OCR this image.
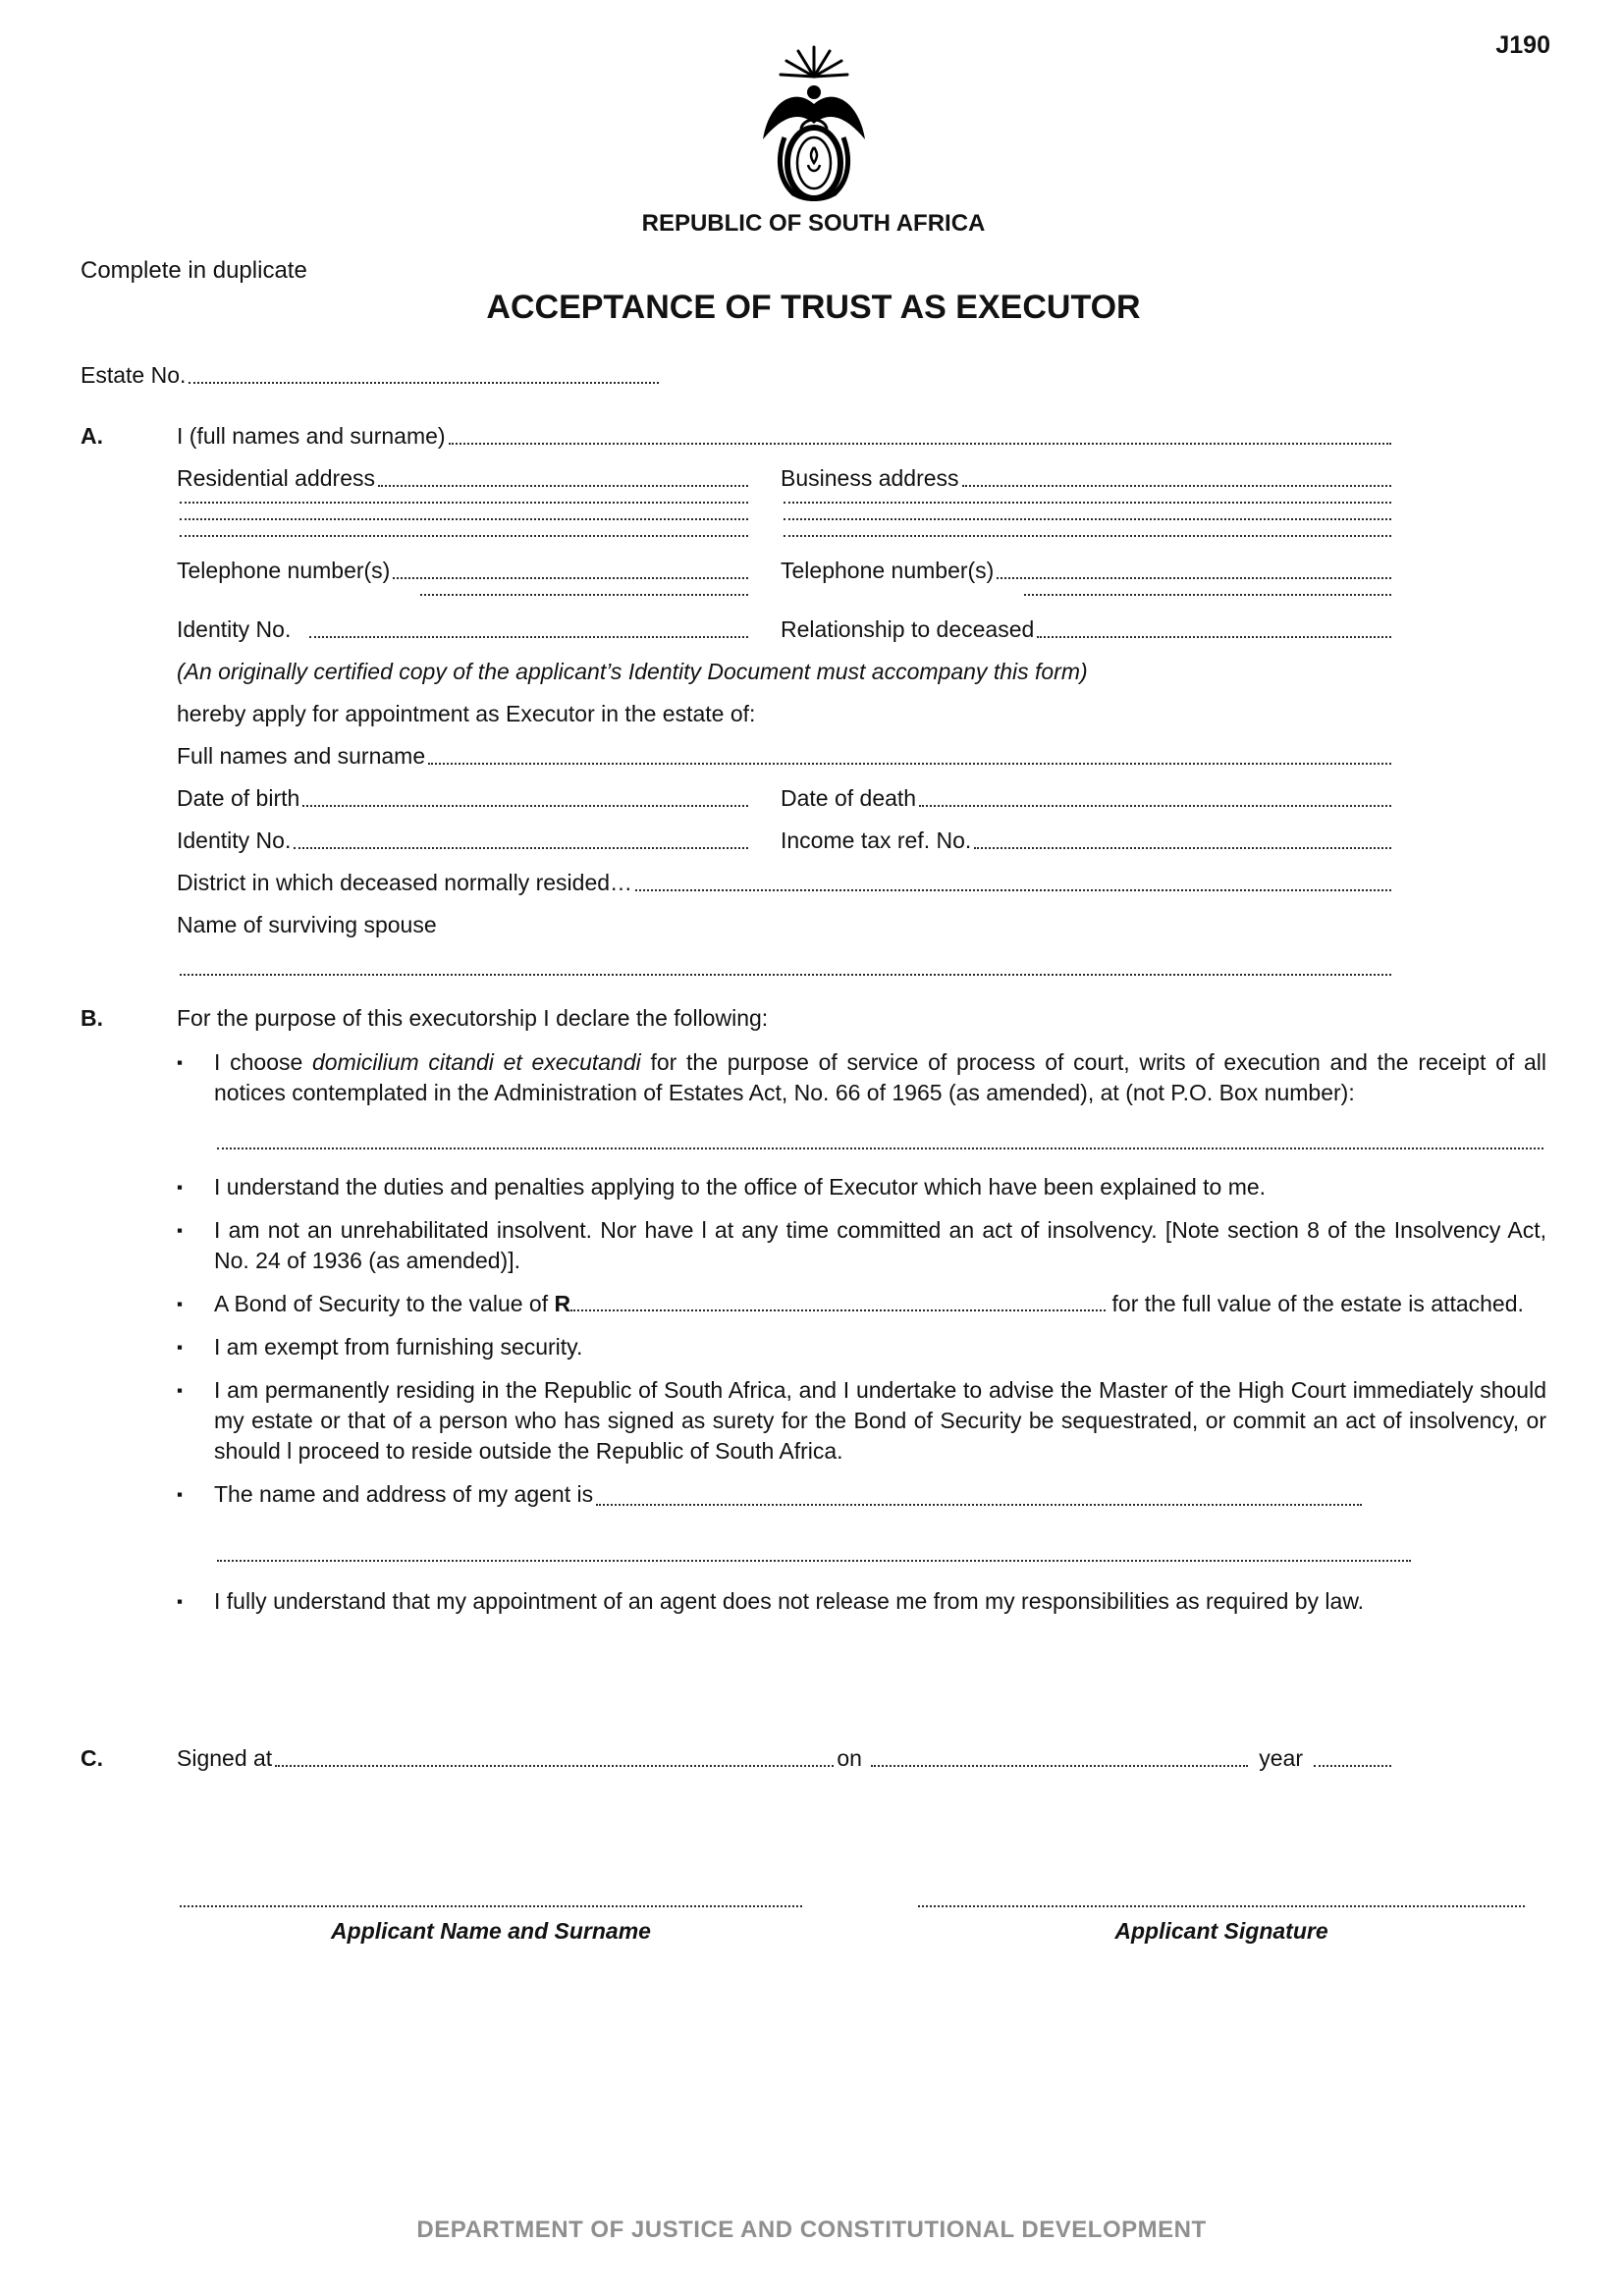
J190
REPUBLIC OF SOUTH AFRICA
Complete in duplicate
ACCEPTANCE OF TRUST AS EXECUTOR
Estate No.
A.	I (full names and surname)
Residential address	Business address
Telephone number(s)	Telephone number(s)
Identity No.	Relationship to deceased
(An originally certified copy of the applicant’s Identity Document must accompany this form)
hereby apply for appointment as Executor in the estate of:
Full names and surname
Date of birth	Date of death
Identity No.	Income tax ref. No.
District in which deceased normally resided…
Name of surviving spouse
B.	For the purpose of this executorship I declare the following:
▪	I choose domicilium citandi et executandi for the purpose of service of process of court, writs of execution and the receipt of all notices contemplated in the Administration of Estates Act, No. 66 of 1965 (as amended), at (not P.O. Box number):
▪	I understand the duties and penalties applying to the office of Executor which have been explained to me.
▪	I am not an unrehabilitated insolvent. Nor have l at any time committed an act of insolvency. [Note section 8 of the Insolvency Act, No. 24 of 1936 (as amended)].
▪	A Bond of Security to the value of R	for the full value of the estate is attached.
▪	I am exempt from furnishing security.
▪	I am permanently residing in the Republic of South Africa, and I undertake to advise the Master of the High Court immediately should my estate or that of a person who has signed as surety for the Bond of Security be sequestrated, or commit an act of insolvency, or should l proceed to reside outside the Republic of South Africa.
▪	The name and address of my agent is
▪	I fully understand that my appointment of an agent does not release me from my responsibilities as required by law.
C.	Signed at	on	year
Applicant Name and Surname	Applicant Signature
DEPARTMENT OF JUSTICE AND CONSTITUTIONAL DEVELOPMENT
